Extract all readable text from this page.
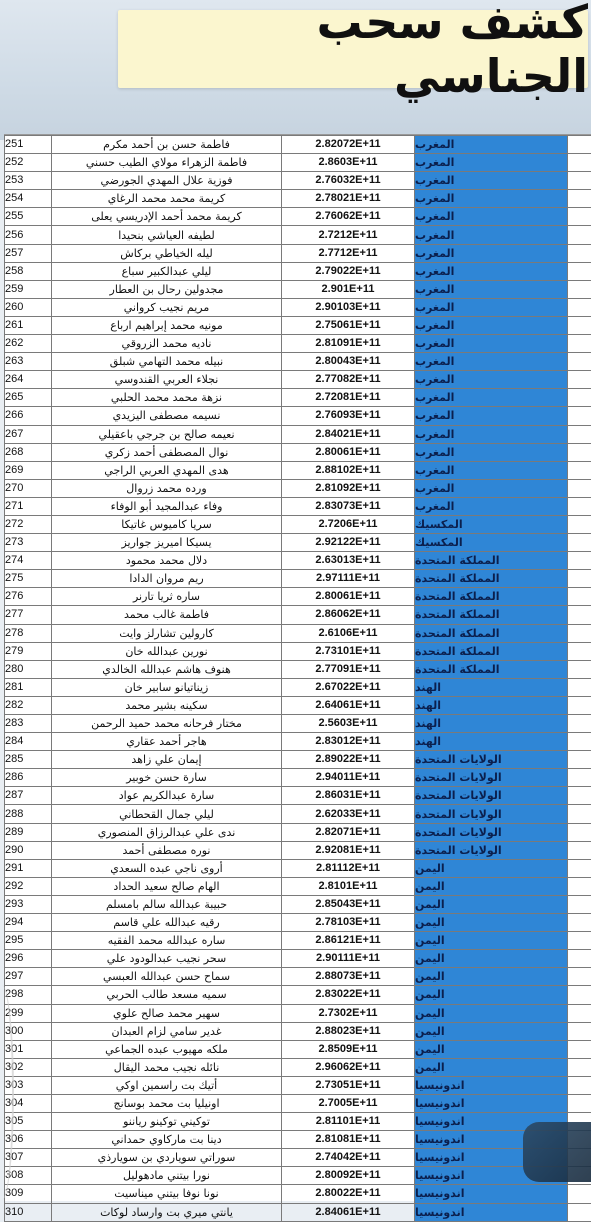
كشف سحب الجناسي
251	فاطمة حسن بن أحمد مكرم	2.82072E+11	المغرب	
252	فاطمة الزهراء مولاي الطيب حسني	2.8603E+11	المغرب	
253	فوزية علال المهدي الجورضي	2.76032E+11	المغرب	
254	كريمة محمد محمد الرغاي	2.78021E+11	المغرب	
255	كريمة محمد أحمد الإدريسي يعلى	2.76062E+11	المغرب	
256	لطيفه العياشي بنحيدا	2.7212E+11	المغرب	
257	ليله الخياطي بركاش	2.7712E+11	المغرب	
258	ليلي عبدالكبير سباع	2.79022E+11	المغرب	
259	مجدولين رحال بن العطار	2.901E+11	المغرب	
260	مريم نجيب كرواني	2.90103E+11	المغرب	
261	مونيه محمد إبراهيم ارباع	2.75061E+11	المغرب	
262	ناديه محمد الزروقي	2.81091E+11	المغرب	
263	نبيله محمد التهامي شبلق	2.80043E+11	المغرب	
264	نجلاء العربي القندوسي	2.77082E+11	المغرب	
265	نزهة محمد محمد الحلبي	2.72081E+11	المغرب	
266	نسيمه مصطفى اليزيدي	2.76093E+11	المغرب	
267	نعيمه صالح بن جرجي باعقيلي	2.84021E+11	المغرب	
268	نوال المصطفى أحمد زكري	2.80061E+11	المغرب	
269	هدى المهدي العربي الراجي	2.88102E+11	المغرب	
270	ورده محمد زروال	2.81092E+11	المغرب	
271	وفاء عبدالمجيد أبو الوفاء	2.83073E+11	المغرب	
272	سريا كاميوس غاتيكا	2.7206E+11	المكسيك	
273	يسيكا اميريز جواريز	2.92122E+11	المكسيك	
274	دلال محمد محمود	2.63013E+11	المملكة المتحدة	
275	ريم مروان الدادا	2.97111E+11	المملكة المتحدة	
276	ساره ثريا تارنر	2.80061E+11	المملكة المتحدة	
277	فاطمة غالب محمد	2.86062E+11	المملكة المتحدة	
278	كارولين تشارلز وايت	2.6106E+11	المملكة المتحدة	
279	نورين عبدالله خان	2.73101E+11	المملكة المتحدة	
280	هنوف هاشم عبدالله الخالدي	2.77091E+11	المملكة المتحدة	
281	زيناتيانو سابير خان	2.67022E+11	الهند	
282	سكينه بشير محمد	2.64061E+11	الهند	
283	مختار فرحانه محمد حميد الرحمن	2.5603E+11	الهند	
284	هاجر أحمد عقاري	2.83012E+11	الهند	
285	إيمان علي زاهد	2.89022E+11	الولايات المتحدة	
286	سارة حسن خوبير	2.94011E+11	الولايات المتحدة	
287	سارة عبدالكريم عواد	2.86031E+11	الولايات المتحدة	
288	ليلي جمال القحطاني	2.62033E+11	الولايات المتحدة	
289	ندى علي عبدالرزاق المنصوري	2.82071E+11	الولايات المتحدة	
290	نوره مصطفى أحمد	2.92081E+11	الولايات المتحدة	
291	أروى ناجي عبده السعدي	2.81112E+11	اليمن	
292	الهام صالح سعيد الحداد	2.8101E+11	اليمن	
293	حبيبة عبدالله سالم بامسلم	2.85043E+11	اليمن	
294	رقيه عبدالله علي قاسم	2.78103E+11	اليمن	
295	ساره عبدالله محمد الفقيه	2.86121E+11	اليمن	
296	سحر نجيب عبدالودود علي	2.90111E+11	اليمن	
297	سماح حسن عبدالله العبسي	2.88073E+11	اليمن	
298	سميه مسعد طالب الحربي	2.83022E+11	اليمن	
299	سهير محمد صالح علوي	2.7302E+11	اليمن	
300	غدير سامي لزام العبدان	2.88023E+11	اليمن	
301	ملكه مهيوب عبده الجماعي	2.8509E+11	اليمن	
302	نائله نجيب محمد اليقال	2.96062E+11	اليمن	
303	أتيك بت راسمين اوكي	2.73051E+11	اندونيسيا	
304	اونيليا بت محمد بوسانج	2.7005E+11	اندونيسيا	
305	توكيني توكينو رياننو	2.81101E+11	اندونيسيا	
306	دينا بت ماركاوي حمداني	2.81081E+11	اندونيسيا	
307	سوراتي سوياردي بن سويارذي	2.74042E+11	اندونيسيا	
308	نورا بيتني مادهوليل	2.80092E+11	اندونيسيا	
309	نونا نوفا بيتني ميناسيت	2.80022E+11	اندونيسيا	
310	يانتي ميري بت وارساد لوكات	2.84061E+11	اندونيسيا	
